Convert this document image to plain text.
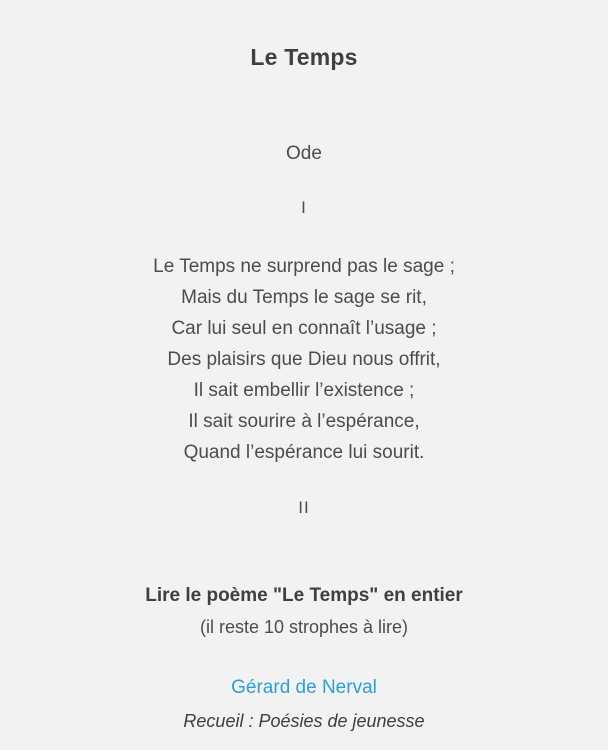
Le Temps
Ode
I
Le Temps ne surprend pas le sage ;
Mais du Temps le sage se rit,
Car lui seul en connaît l’usage ;
Des plaisirs que Dieu nous offrit,
Il sait embellir l’existence ;
Il sait sourire à l’espérance,
Quand l’espérance lui sourit.
II
Lire le poème "Le Temps" en entier
(il reste 10 strophes à lire)
Gérard de Nerval
Recueil : Poésies de jeunesse
